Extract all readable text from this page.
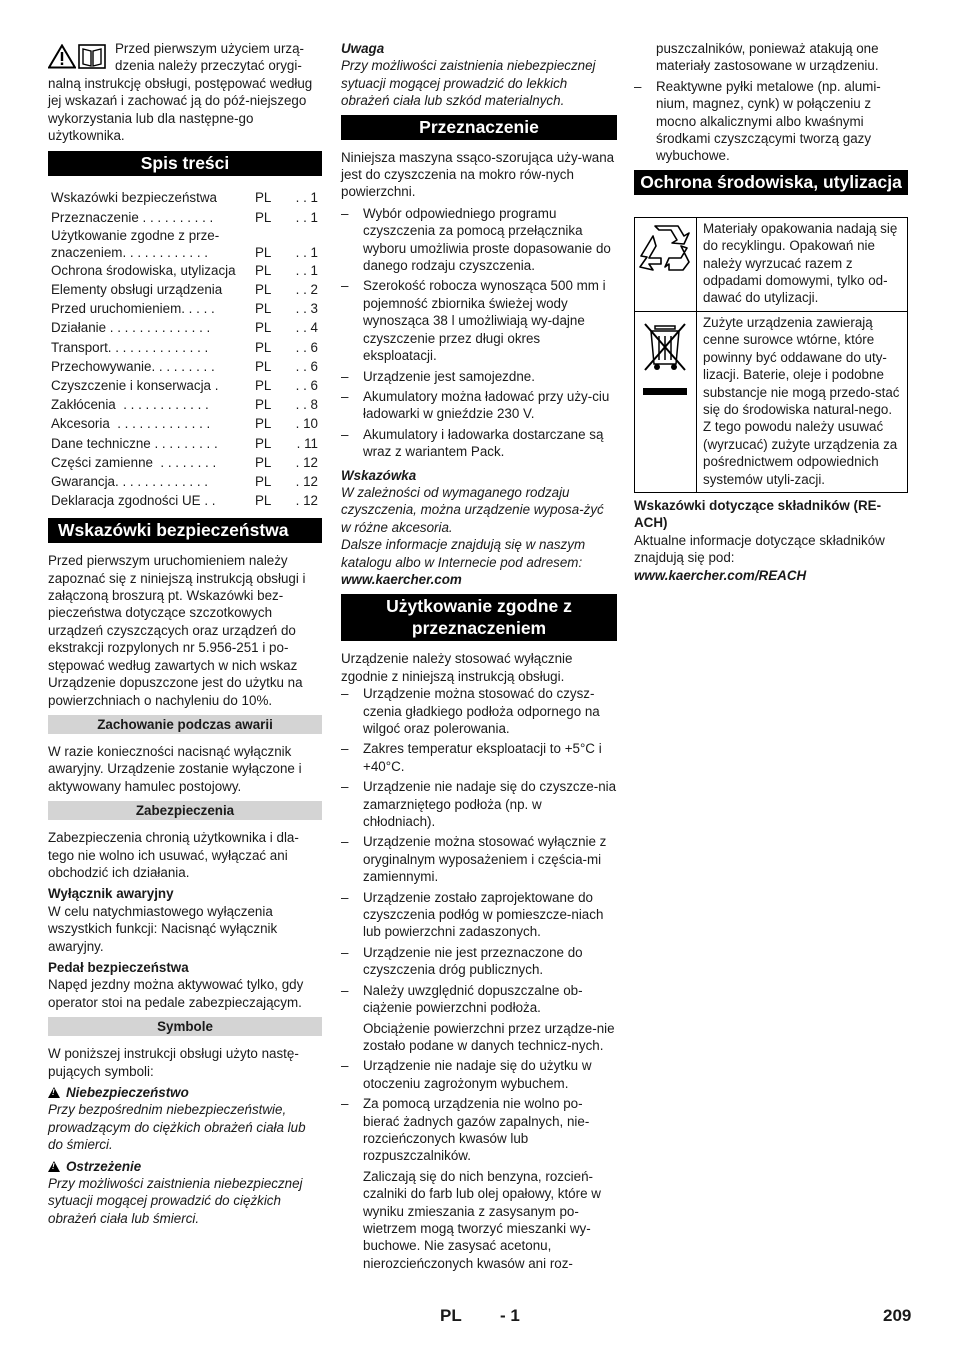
Przed pierwszym użyciem urzą-
dzenia należy przeczytać orygi-
nalną instrukcję obsługi, postępować według jej wskazań i zachować ją do póź-niejszego wykorzystania lub dla następne-go użytkownika.
Spis treści
Wskazówki bezpieczeństwa	PL	. . 1
Przeznaczenie . . . . . . . . . .	PL	. . 1
Użytkowanie zgodne z prze-
znaczeniem. . . . . . . . . . . .	PL	. . 1
Ochrona środowiska, utylizacja	PL	. . 1
Elementy obsługi urządzenia	PL	. . 2
Przed uruchomieniem. . . . .	PL	. . 3
Działanie . . . . . . . . . . . . . .	PL	. . 4
Transport. . . . . . . . . . . . . .	PL	. . 6
Przechowywanie. . . . . . . . .	PL	. . 6
Czyszczenie i konserwacja .	PL	. . 6
Zakłócenia  . . . . . . . . . . . .	PL	. . 8
Akcesoria  . . . . . . . . . . . . .	PL	. 10
Dane techniczne . . . . . . . . .	PL	. 11
Części zamienne  . . . . . . . .	PL	. 12
Gwarancja. . . . . . . . . . . . .	PL	. 12
Deklaracja zgodności UE . .	PL	. 12
Wskazówki bezpieczeństwa

Przed pierwszym uruchomieniem należy zapoznać się z niniejszą instrukcją obsługi i załączoną broszurą pt. Wskazówki bez-pieczeństwa dotyczące szczotkowych urządzeń czyszczących oraz urządzeń do ekstrakcji rozpylonych nr 5.956-251 i po-stępować według zawartych w nich wskaz Urządzenie dopuszczone jest do użytku na powierzchniach o nachyleniu do 10%.

Zachowanie podczas awarii

W razie konieczności nacisnąć wyłącznik awaryjny. Urządzenie zostanie wyłączone i aktywowany hamulec postojowy.

Zabezpieczenia

Zabezpieczenia chronią użytkownika i dla-tego nie wolno ich usuwać, wyłączać ani obchodzić ich działania.

Wyłącznik awaryjny

W celu natychmiastowego wyłączenia wszystkich funkcji: Nacisnąć wyłącznik awaryjny.

Pedał bezpieczeństwa

Napęd jezdny można aktywować tylko, gdy operator stoi na pedale zabezpieczającym.

Symbole

W poniższej instrukcji obsługi użyto nastę-pujących symboli:

!Niebezpieczeństwo

Przy bezpośrednim niebezpieczeństwie, prowadzącym do ciężkich obrażeń ciała lub do śmierci.

!Ostrzeżenie

Przy możliwości zaistnienia niebezpiecznej sytuacji mogącej prowadzić do ciężkich obrażeń ciała lub śmierci.

Uwaga

Przy możliwości zaistnienia niebezpiecznej sytuacji mogącej prowadzić do lekkich obrażeń ciała lub szkód materialnych.

Przeznaczenie

Niniejsza maszyna ssąco-szorująca uży-wana jest do czyszczenia na mokro rów-nych powierzchni.

– Wybór odpowiedniego programu czyszczenia za pomocą przełącznika wyboru umożliwia proste dopasowanie do danego rodzaju czyszczenia.
– Szerokość robocza wynosząca 500 mm i pojemność zbiornika świeżej wody wynosząca 38 l umożliwiają wy-dajne czyszczenie przez długi okres eksploatacji.
– Urządzenie jest samojezdne.
– Akumulatory można ładować przy uży-ciu ładowarki w gnieździe 230 V.
– Akumulatory i ładowarka dostarczane są wraz z wariantem Pack.
Wskazówka
W zależności od wymaganego rodzaju czyszczenia, można urządzenie wyposa-żyć w różne akcesoria.
Dalsze informacje znajdują się w naszym katalogu albo w Internecie pod adresem:
www.kaercher.com
Użytkowanie zgodne z przeznaczeniem

Urządzenie należy stosować wyłącznie zgodnie z niniejszą instrukcją obsługi.

– Urządzenie można stosować do czysz-czenia gładkiego podłoża odpornego na wilgoć oraz polerowania.
– Zakres temperatur eksploatacji to +5°C i +40°C.
– Urządzenie nie nadaje się do czyszcze-nia zamarzniętego podłoża (np. w chłodniach).
– Urządzenie można stosować wyłącznie z oryginalnym wyposażeniem i częścia-mi zamiennymi.
– Urządzenie zostało zaprojektowane do czyszczenia podłóg w pomieszcze-niach lub powierzchni zadaszonych.
– Urządzenie nie jest przeznaczone do czyszczenia dróg publicznych.
– Należy uwzględnić dopuszczalne ob-ciążenie powierzchni podłoża.
Obciążenie powierzchni przez urządze-nie zostało podane w danych technicz-nych.
– Urządzenie nie nadaje się do użytku w otoczeniu zagrożonym wybuchem.
– Za pomocą urządzenia nie wolno po-bierać żadnych gazów zapalnych, nie-rozcieńczonych kwasów lub rozpuszczalników.
Zaliczają się do nich benzyna, rozcień-czalniki do farb lub olej opałowy, które w wyniku zmieszania z zasysanym po-wietrzem mogą tworzyć mieszanki wy-buchowe. Nie zasysać acetonu, nierozcieńczonych kwasów ani roz-
puszczalników, ponieważ atakują one materiały zastosowane w urządzeniu.
– Reaktywne pyłki metalowe (np. alumi-nium, magnez, cynk) w połączeniu z mocno alkalicznymi albo kwaśnymi środkami czyszczącymi tworzą gazy wybuchowe.
Ochrona środowiska, utylizacja
	Materiały opakowania nadają się do recyklingu. Opakowań nie należy wyrzucać razem z odpadami domowymi, tylko od-dawać do utylizacji.
	Zużyte urządzenia zawierają cenne surowce wtórne, które powinny być oddawane do uty-lizacji. Baterie, oleje i podobne substancje nie mogą przedo-stać się do środowiska natural-nego. Z tego powodu należy usuwać (wyrzucać) zużyte urządzenia za pośrednictwem odpowiednich systemów utyli-zacji.
Wskazówki dotyczące składników (RE-ACH)
Aktualne informacje dotyczące składników znajdują się pod:
www.kaercher.com/REACH
PL - 1	209
